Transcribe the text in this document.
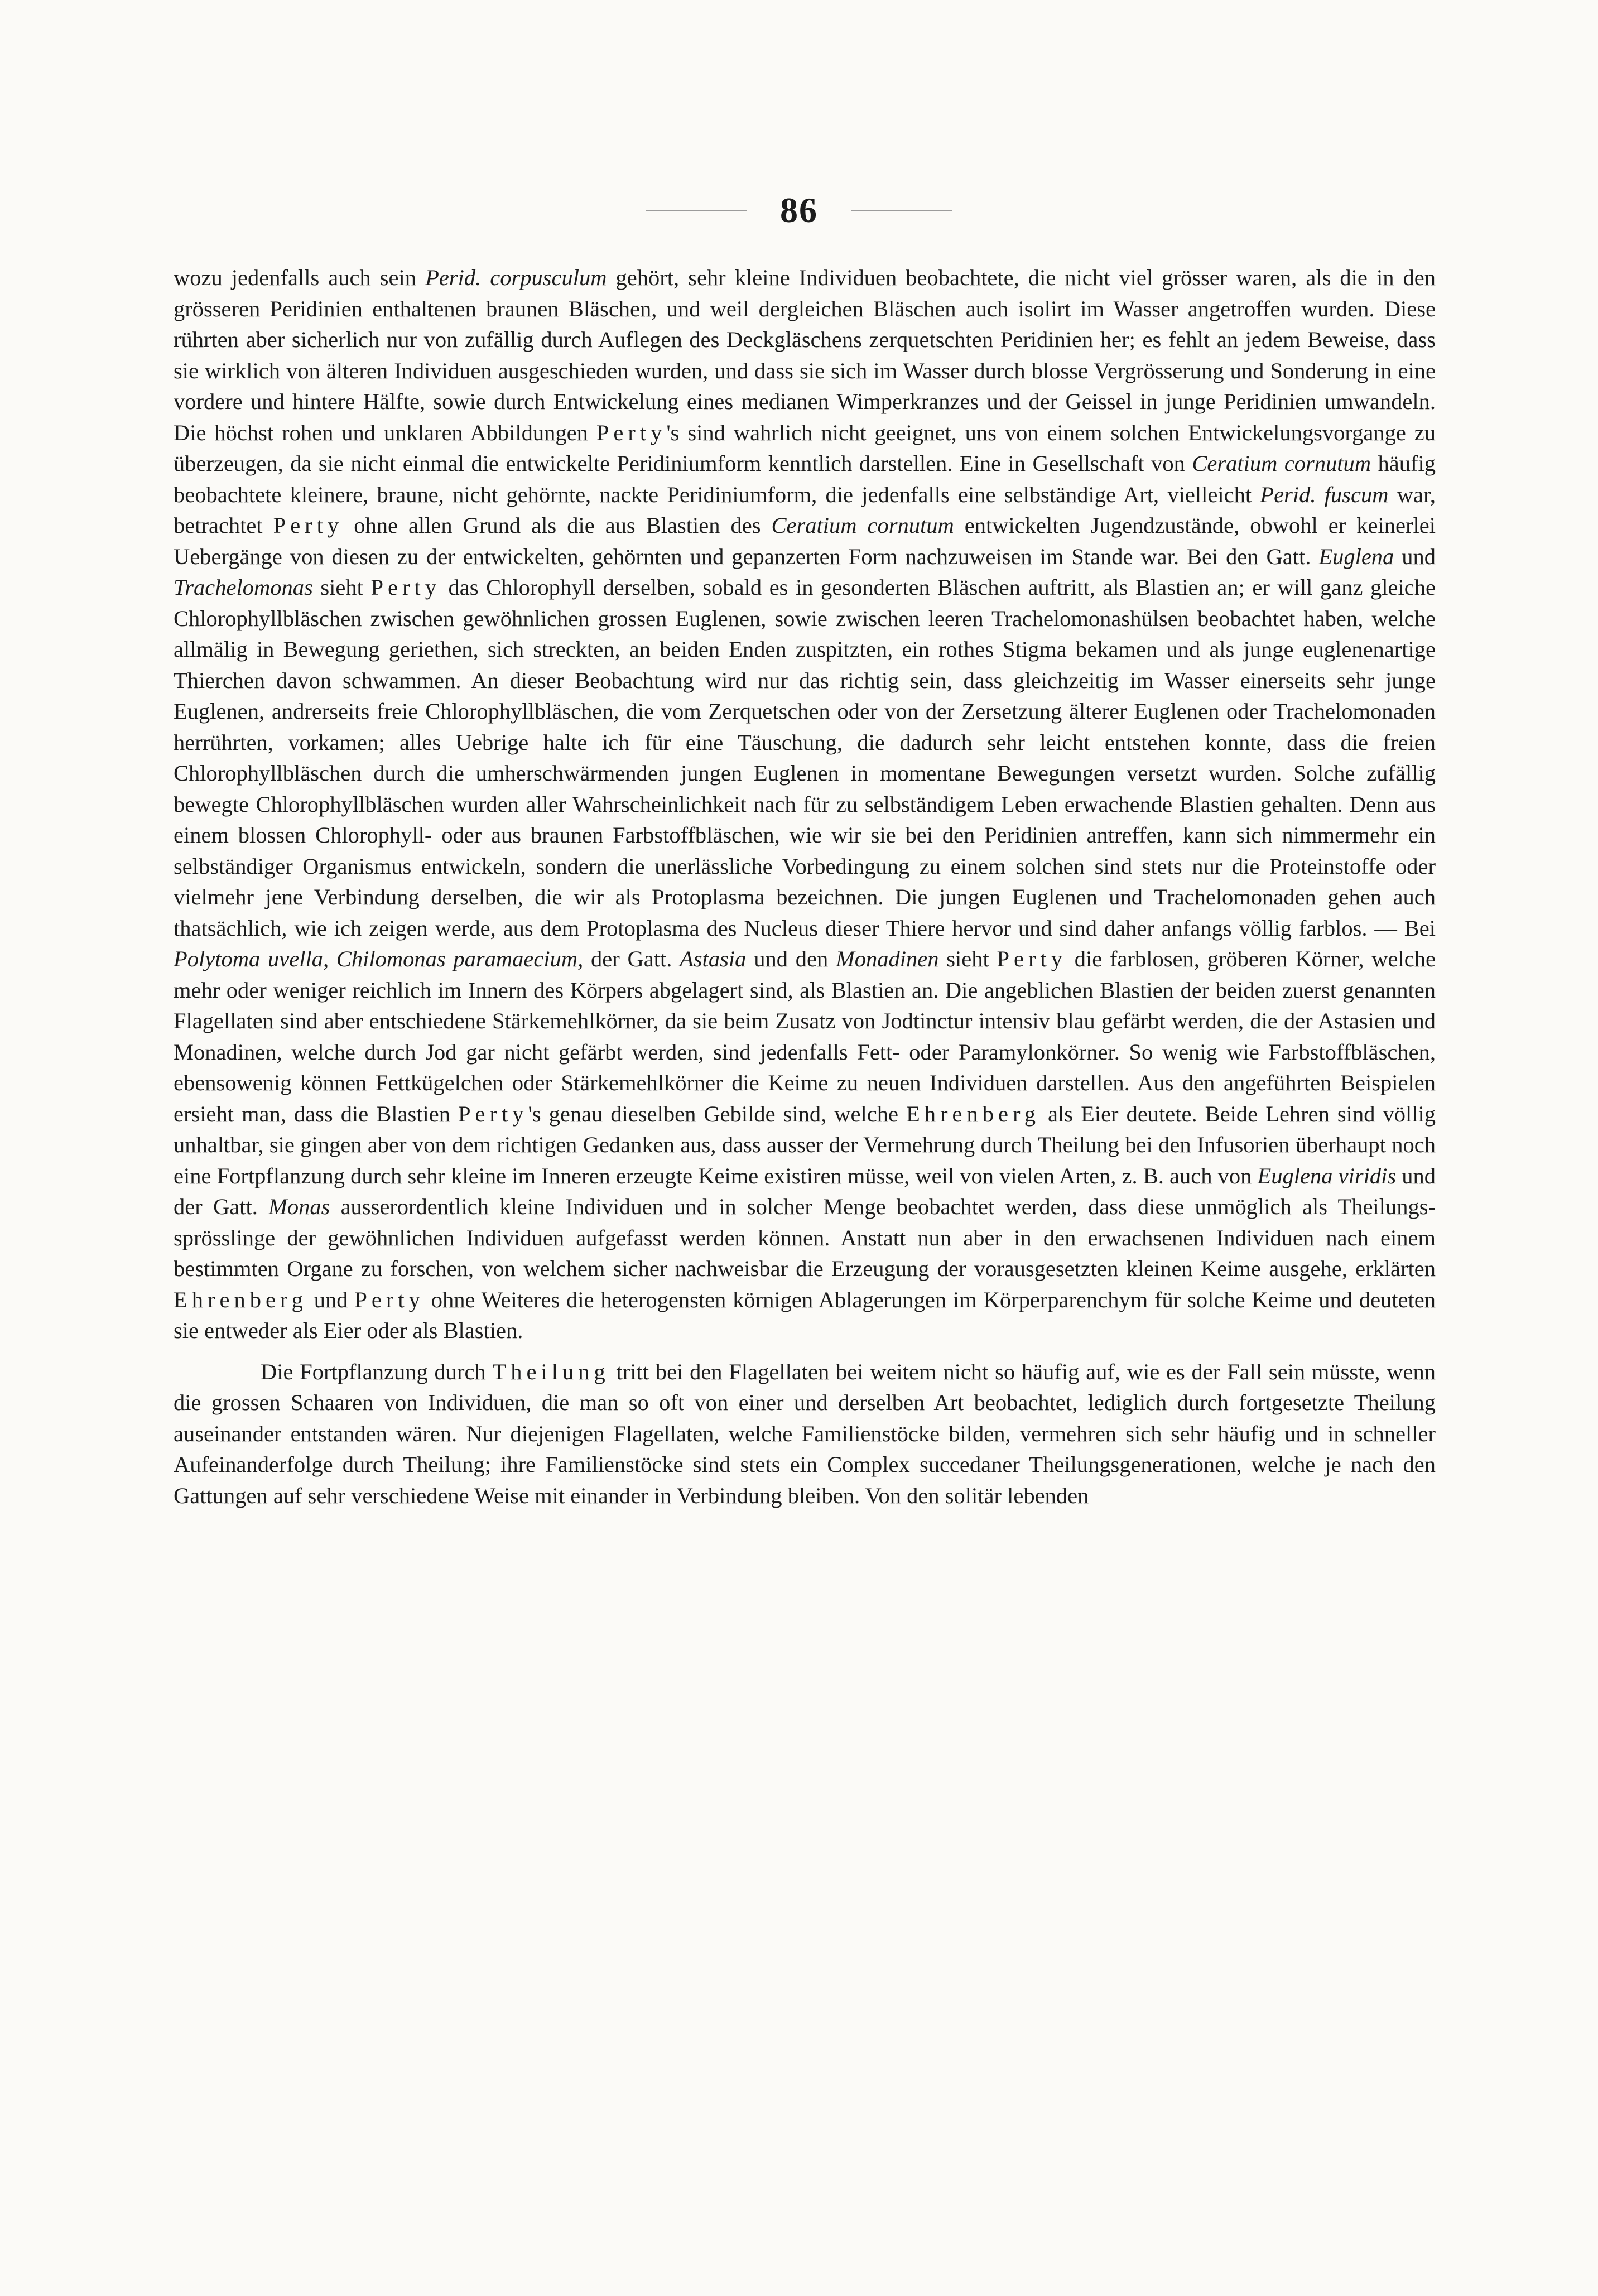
86

wozu jedenfalls auch sein Perid. corpusculum gehört, sehr kleine Individuen beobachtete, die nicht viel grösser waren, als die in den grösseren Peridinien enthaltenen braunen Bläschen, und weil dergleichen Bläschen auch isolirt im Wasser angetroffen wurden. Diese rührten aber sicherlich nur von zufällig durch Auflegen des Deckgläschens zerquetschten Peridinien her; es fehlt an jedem Beweise, dass sie wirklich von älteren Individuen ausgeschieden wurden, und dass sie sich im Wasser durch blosse Vergrösserung und Sonderung in eine vordere und hintere Hälfte, sowie durch Entwickelung eines medianen Wimperkranzes und der Geissel in junge Peridinien umwandeln. Die höchst rohen und unklaren Abbildungen Perty's sind wahrlich nicht geeignet, uns von einem solchen Entwickelungsvorgange zu überzeugen, da sie nicht einmal die entwickelte Peridiniumform kenntlich darstellen. Eine in Gesellschaft von Ceratium cornutum häufig beobachtete kleinere, braune, nicht gehörnte, nackte Peridiniumform, die jedenfalls eine selbständige Art, vielleicht Perid. fuscum war, betrachtet Perty ohne allen Grund als die aus Blastien des Ceratium cornutum entwickelten Jugendzustände, obwohl er keinerlei Uebergänge von diesen zu der entwickelten, gehörnten und gepanzerten Form nachzuweisen im Stande war. Bei den Gatt. Euglena und Trachelomonas sieht Perty das Chlorophyll derselben, sobald es in gesonderten Bläschen auftritt, als Blastien an; er will ganz gleiche Chlorophyllbläschen zwischen gewöhnlichen grossen Euglenen, sowie zwischen leeren Trachelomonashülsen beobachtet haben, welche allmälig in Bewegung geriethen, sich streckten, an beiden Enden zuspitzten, ein rothes Stigma bekamen und als junge euglenenartige Thierchen davon schwammen. An dieser Beobachtung wird nur das richtig sein, dass gleichzeitig im Wasser einerseits sehr junge Euglenen, andrerseits freie Chlorophyllbläschen, die vom Zerquetschen oder von der Zersetzung älterer Euglenen oder Trachelomonaden herrührten, vorkamen; alles Uebrige halte ich für eine Täuschung, die dadurch sehr leicht entstehen konnte, dass die freien Chlorophyllbläschen durch die umherschwärmenden jungen Euglenen in momentane Bewegungen versetzt wurden. Solche zufällig bewegte Chlorophyllbläschen wurden aller Wahrscheinlichkeit nach für zu selbständigem Leben erwachende Blastien gehalten. Denn aus einem blossen Chlorophyll- oder aus braunen Farbstoffbläschen, wie wir sie bei den Peridinien antreffen, kann sich nimmermehr ein selbständiger Organismus entwickeln, sondern die unerlässliche Vorbedingung zu einem solchen sind stets nur die Proteinstoffe oder vielmehr jene Verbindung derselben, die wir als Protoplasma bezeichnen. Die jungen Euglenen und Trachelomonaden gehen auch thatsächlich, wie ich zeigen werde, aus dem Protoplasma des Nucleus dieser Thiere hervor und sind daher anfangs völlig farblos. — Bei Polytoma uvella, Chilomonas paramaecium, der Gatt. Astasia und den Monadinen sieht Perty die farblosen, gröberen Körner, welche mehr oder weniger reichlich im Innern des Körpers abgelagert sind, als Blastien an. Die angeblichen Blastien der beiden zuerst genannten Flagellaten sind aber entschiedene Stärkemehlkörner, da sie beim Zusatz von Jodtinctur intensiv blau gefärbt werden, die der Astasien und Monadinen, welche durch Jod gar nicht gefärbt werden, sind jedenfalls Fett- oder Paramylonkörner. So wenig wie Farbstoffbläschen, ebensowenig können Fettkügelchen oder Stärkemehlkörner die Keime zu neuen Individuen darstellen. Aus den angeführten Beispielen ersieht man, dass die Blastien Perty's genau dieselben Gebilde sind, welche Ehrenberg als Eier deutete. Beide Lehren sind völlig unhaltbar, sie gingen aber von dem richtigen Gedanken aus, dass ausser der Vermehrung durch Theilung bei den Infusorien überhaupt noch eine Fortpflanzung durch sehr kleine im Inneren erzeugte Keime existiren müsse, weil von vielen Arten, z. B. auch von Euglena viridis und der Gatt. Monas ausserordentlich kleine Individuen und in solcher Menge beobachtet werden, dass diese unmöglich als Theilungssprösslinge der gewöhnlichen Individuen aufgefasst werden können. Anstatt nun aber in den erwachsenen Individuen nach einem bestimmten Organe zu forschen, von welchem sicher nachweisbar die Erzeugung der vorausgesetzten kleinen Keime ausgehe, erklärten Ehrenberg und Perty ohne Weiteres die heterogensten körnigen Ablagerungen im Körperparenchym für solche Keime und deuteten sie entweder als Eier oder als Blastien.

Die Fortpflanzung durch Theilung tritt bei den Flagellaten bei weitem nicht so häufig auf, wie es der Fall sein müsste, wenn die grossen Schaaren von Individuen, die man so oft von einer und derselben Art beobachtet, lediglich durch fortgesetzte Theilung auseinander entstanden wären. Nur diejenigen Flagellaten, welche Familienstöcke bilden, vermehren sich sehr häufig und in schneller Aufeinanderfolge durch Theilung; ihre Familienstöcke sind stets ein Complex succedaner Theilungsgenerationen, welche je nach den Gattungen auf sehr verschiedene Weise mit einander in Verbindung bleiben. Von den solitär lebenden
